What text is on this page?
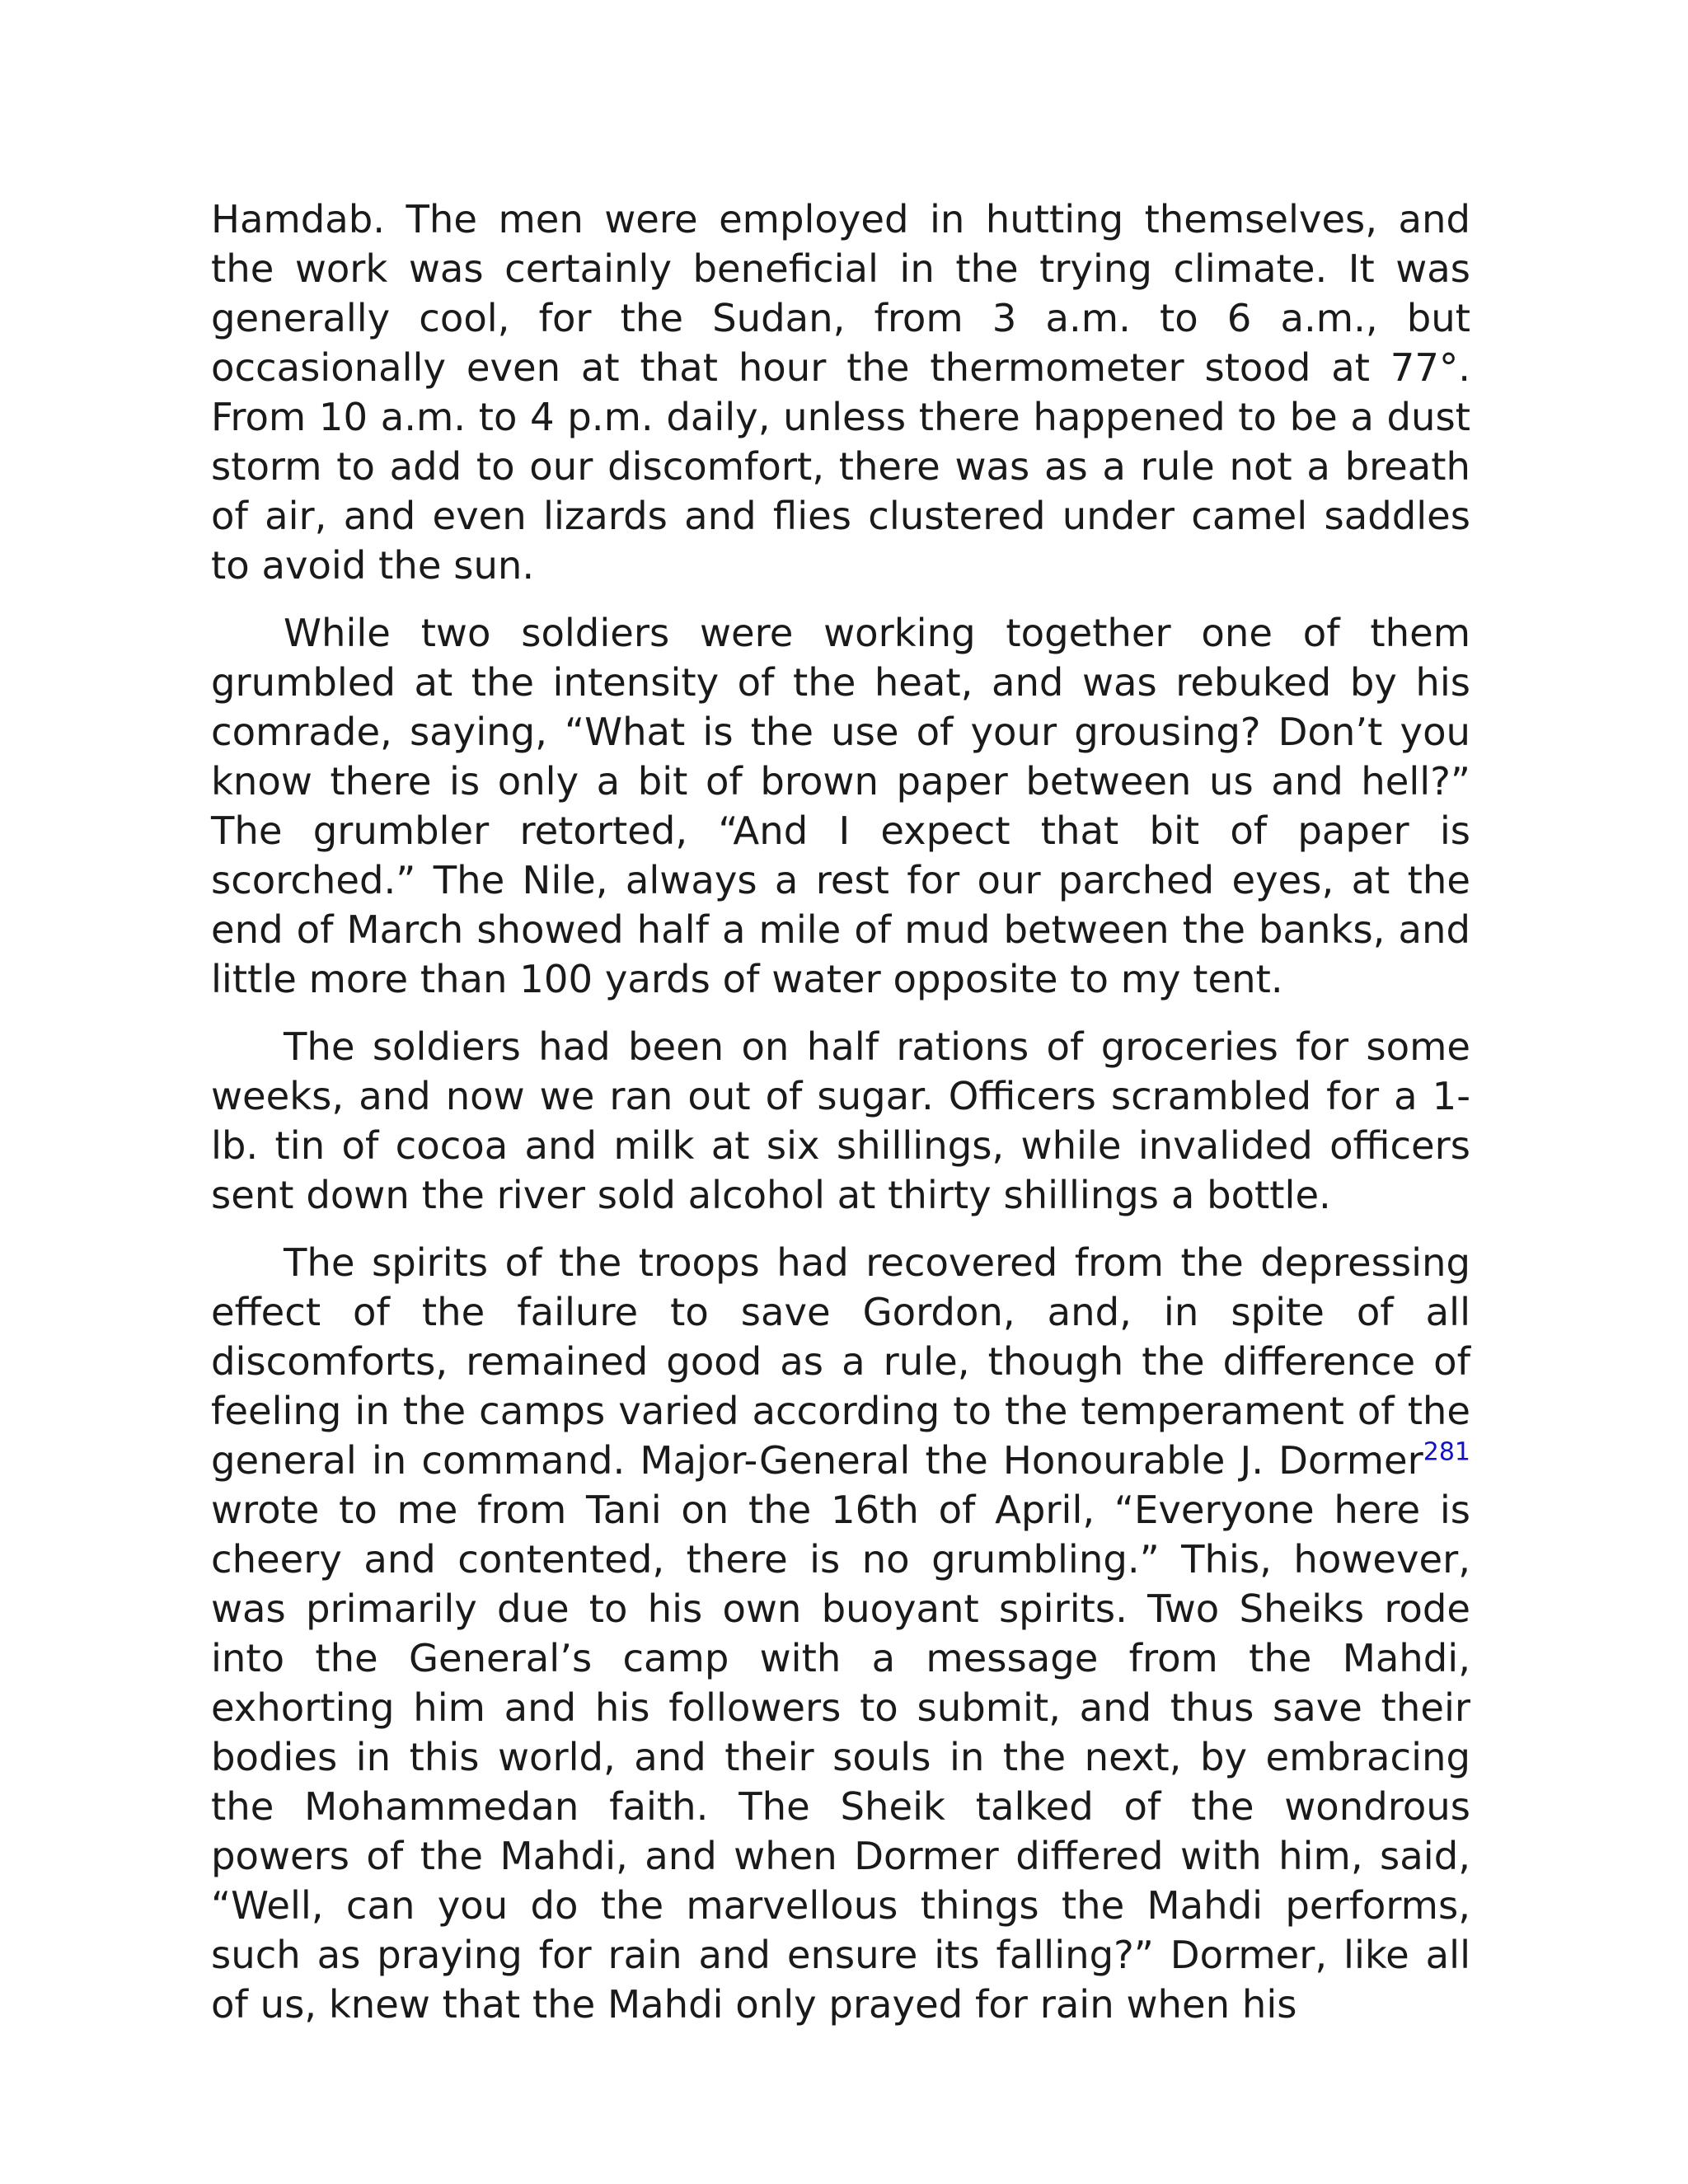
Hamdab. The men were employed in hutting themselves, and the work was certainly beneficial in the trying climate. It was generally cool, for the Sudan, from 3 a.m. to 6 a.m., but occasionally even at that hour the thermometer stood at 77°. From 10 a.m. to 4 p.m. daily, unless there happened to be a dust storm to add to our discomfort, there was as a rule not a breath of air, and even lizards and flies clustered under camel saddles to avoid the sun.

While two soldiers were working together one of them grumbled at the intensity of the heat, and was rebuked by his comrade, saying, “What is the use of your grousing? Don’t you know there is only a bit of brown paper between us and hell?” The grumbler retorted, “And I expect that bit of paper is scorched.” The Nile, always a rest for our parched eyes, at the end of March showed half a mile of mud between the banks, and little more than 100 yards of water opposite to my tent.

The soldiers had been on half rations of groceries for some weeks, and now we ran out of sugar. Officers scrambled for a 1-lb. tin of cocoa and milk at six shillings, while invalided officers sent down the river sold alcohol at thirty shillings a bottle.

The spirits of the troops had recovered from the depressing effect of the failure to save Gordon, and, in spite of all discomforts, remained good as a rule, though the difference of feeling in the camps varied according to the temperament of the general in command. Major-General the Honourable J. Dormer$^{281}$ wrote to me from Tani on the 16th of April, “Everyone here is cheery and contented, there is no grumbling.” This, however, was primarily due to his own buoyant spirits. Two Sheiks rode into the General’s camp with a message from the Mahdi, exhorting him and his followers to submit, and thus save their bodies in this world, and their souls in the next, by embracing the Mohammedan faith. The Sheik talked of the wondrous powers of the Mahdi, and when Dormer differed with him, said, “Well, can you do the marvellous things the Mahdi performs, such as praying for rain and ensure its falling?” Dormer, like all of us, knew that the Mahdi only prayed for rain when his
